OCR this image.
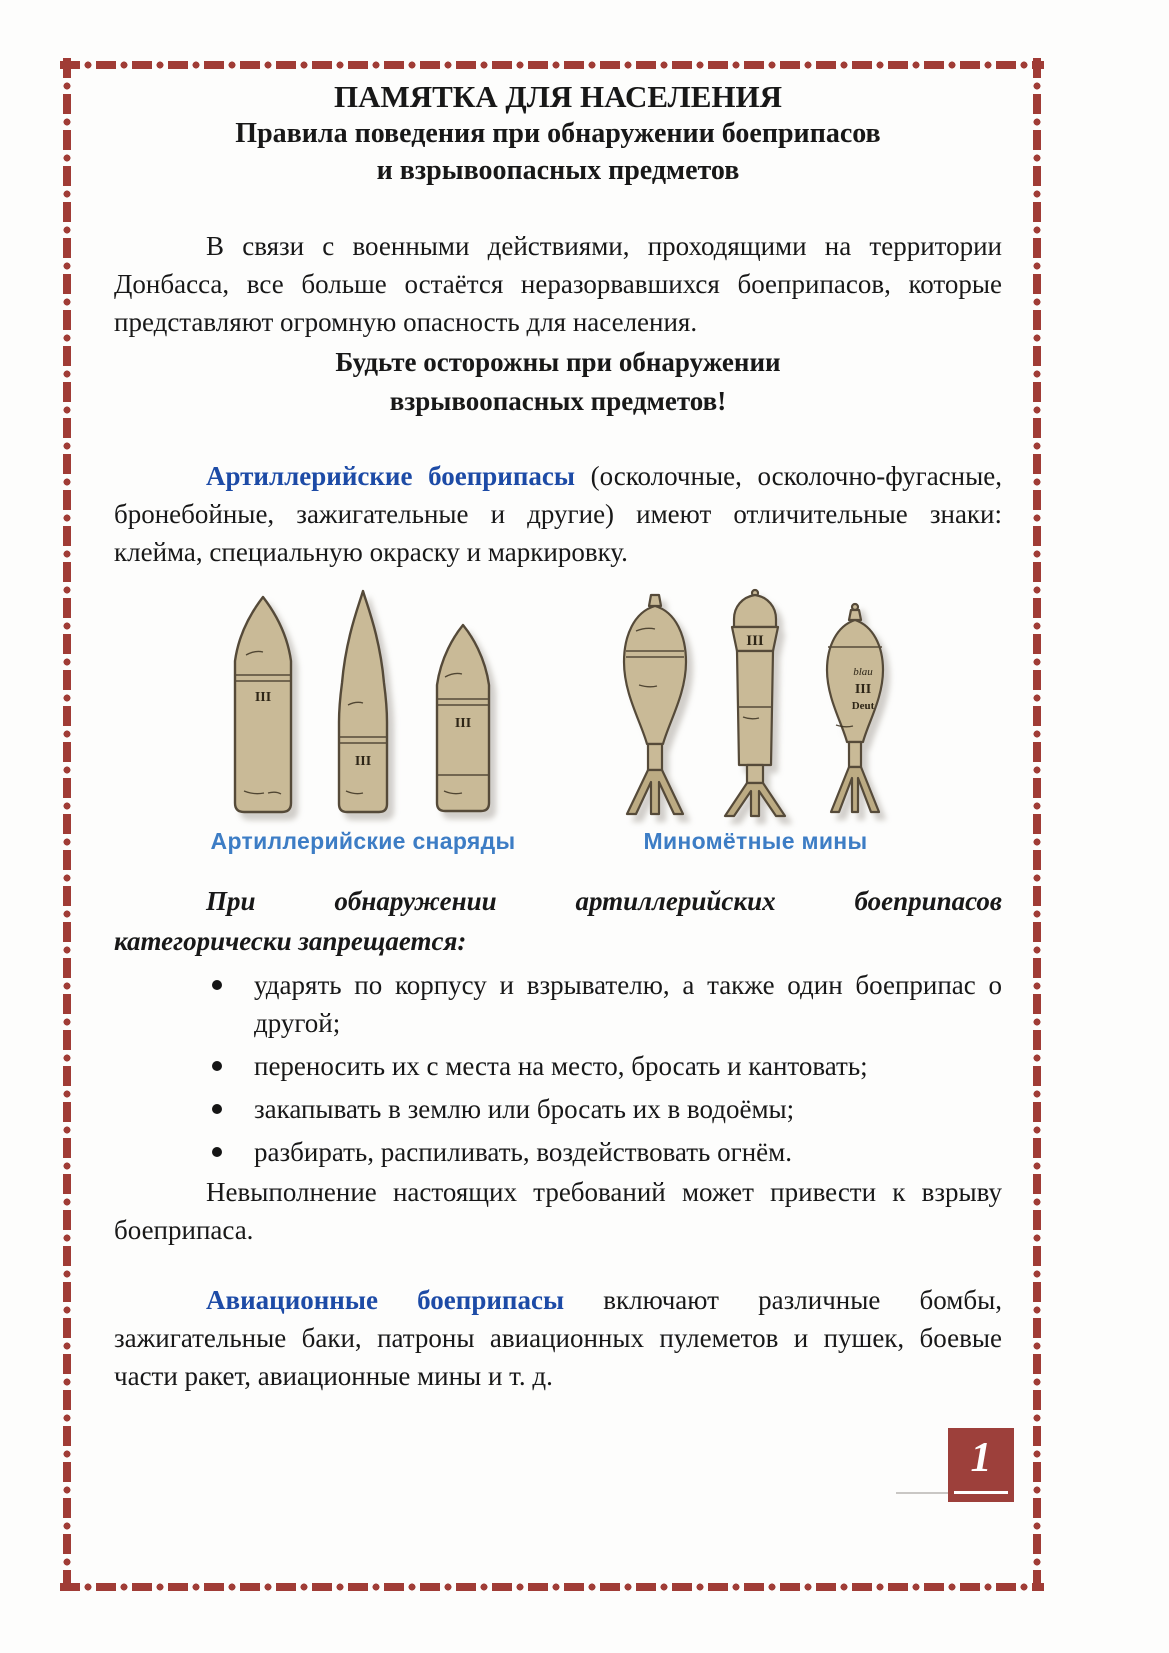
ПАМЯТКА ДЛЯ НАСЕЛЕНИЯ
Правила поведения при обнаружении боеприпасов
и взрывоопасных предметов

В связи с военными действиями, проходящими на территории Донбасса, все больше остаётся неразорвавшихся боеприпасов, которые представляют огромную опасность для населения.

Будьте осторожны при обнаружении
взрывоопасных предметов!

Артиллерийские боеприпасы (осколочные, осколочно-фугасные, бронебойные, зажигательные и другие) имеют отличительные знаки: клейма, специальную окраску и маркировку.

III
III
III
Артиллерийские снаряды
III
blau
III
Deut
Миномётные мины
При обнаружении артиллерийских боеприпасов
категорически запрещается:
ударять по корпусу и взрывателю, а также один боеприпас о другой;
переносить их с места на место, бросать и кантовать;
закапывать в землю или бросать их в водоёмы;
разбирать, распиливать, воздействовать огнём.

Невыполнение настоящих требований может привести к взрыву боеприпаса.

Авиационные боеприпасы включают различные бомбы, зажигательные баки, патроны авиационных пулеметов и пушек, боевые части ракет, авиационные мины и т. д.

1
